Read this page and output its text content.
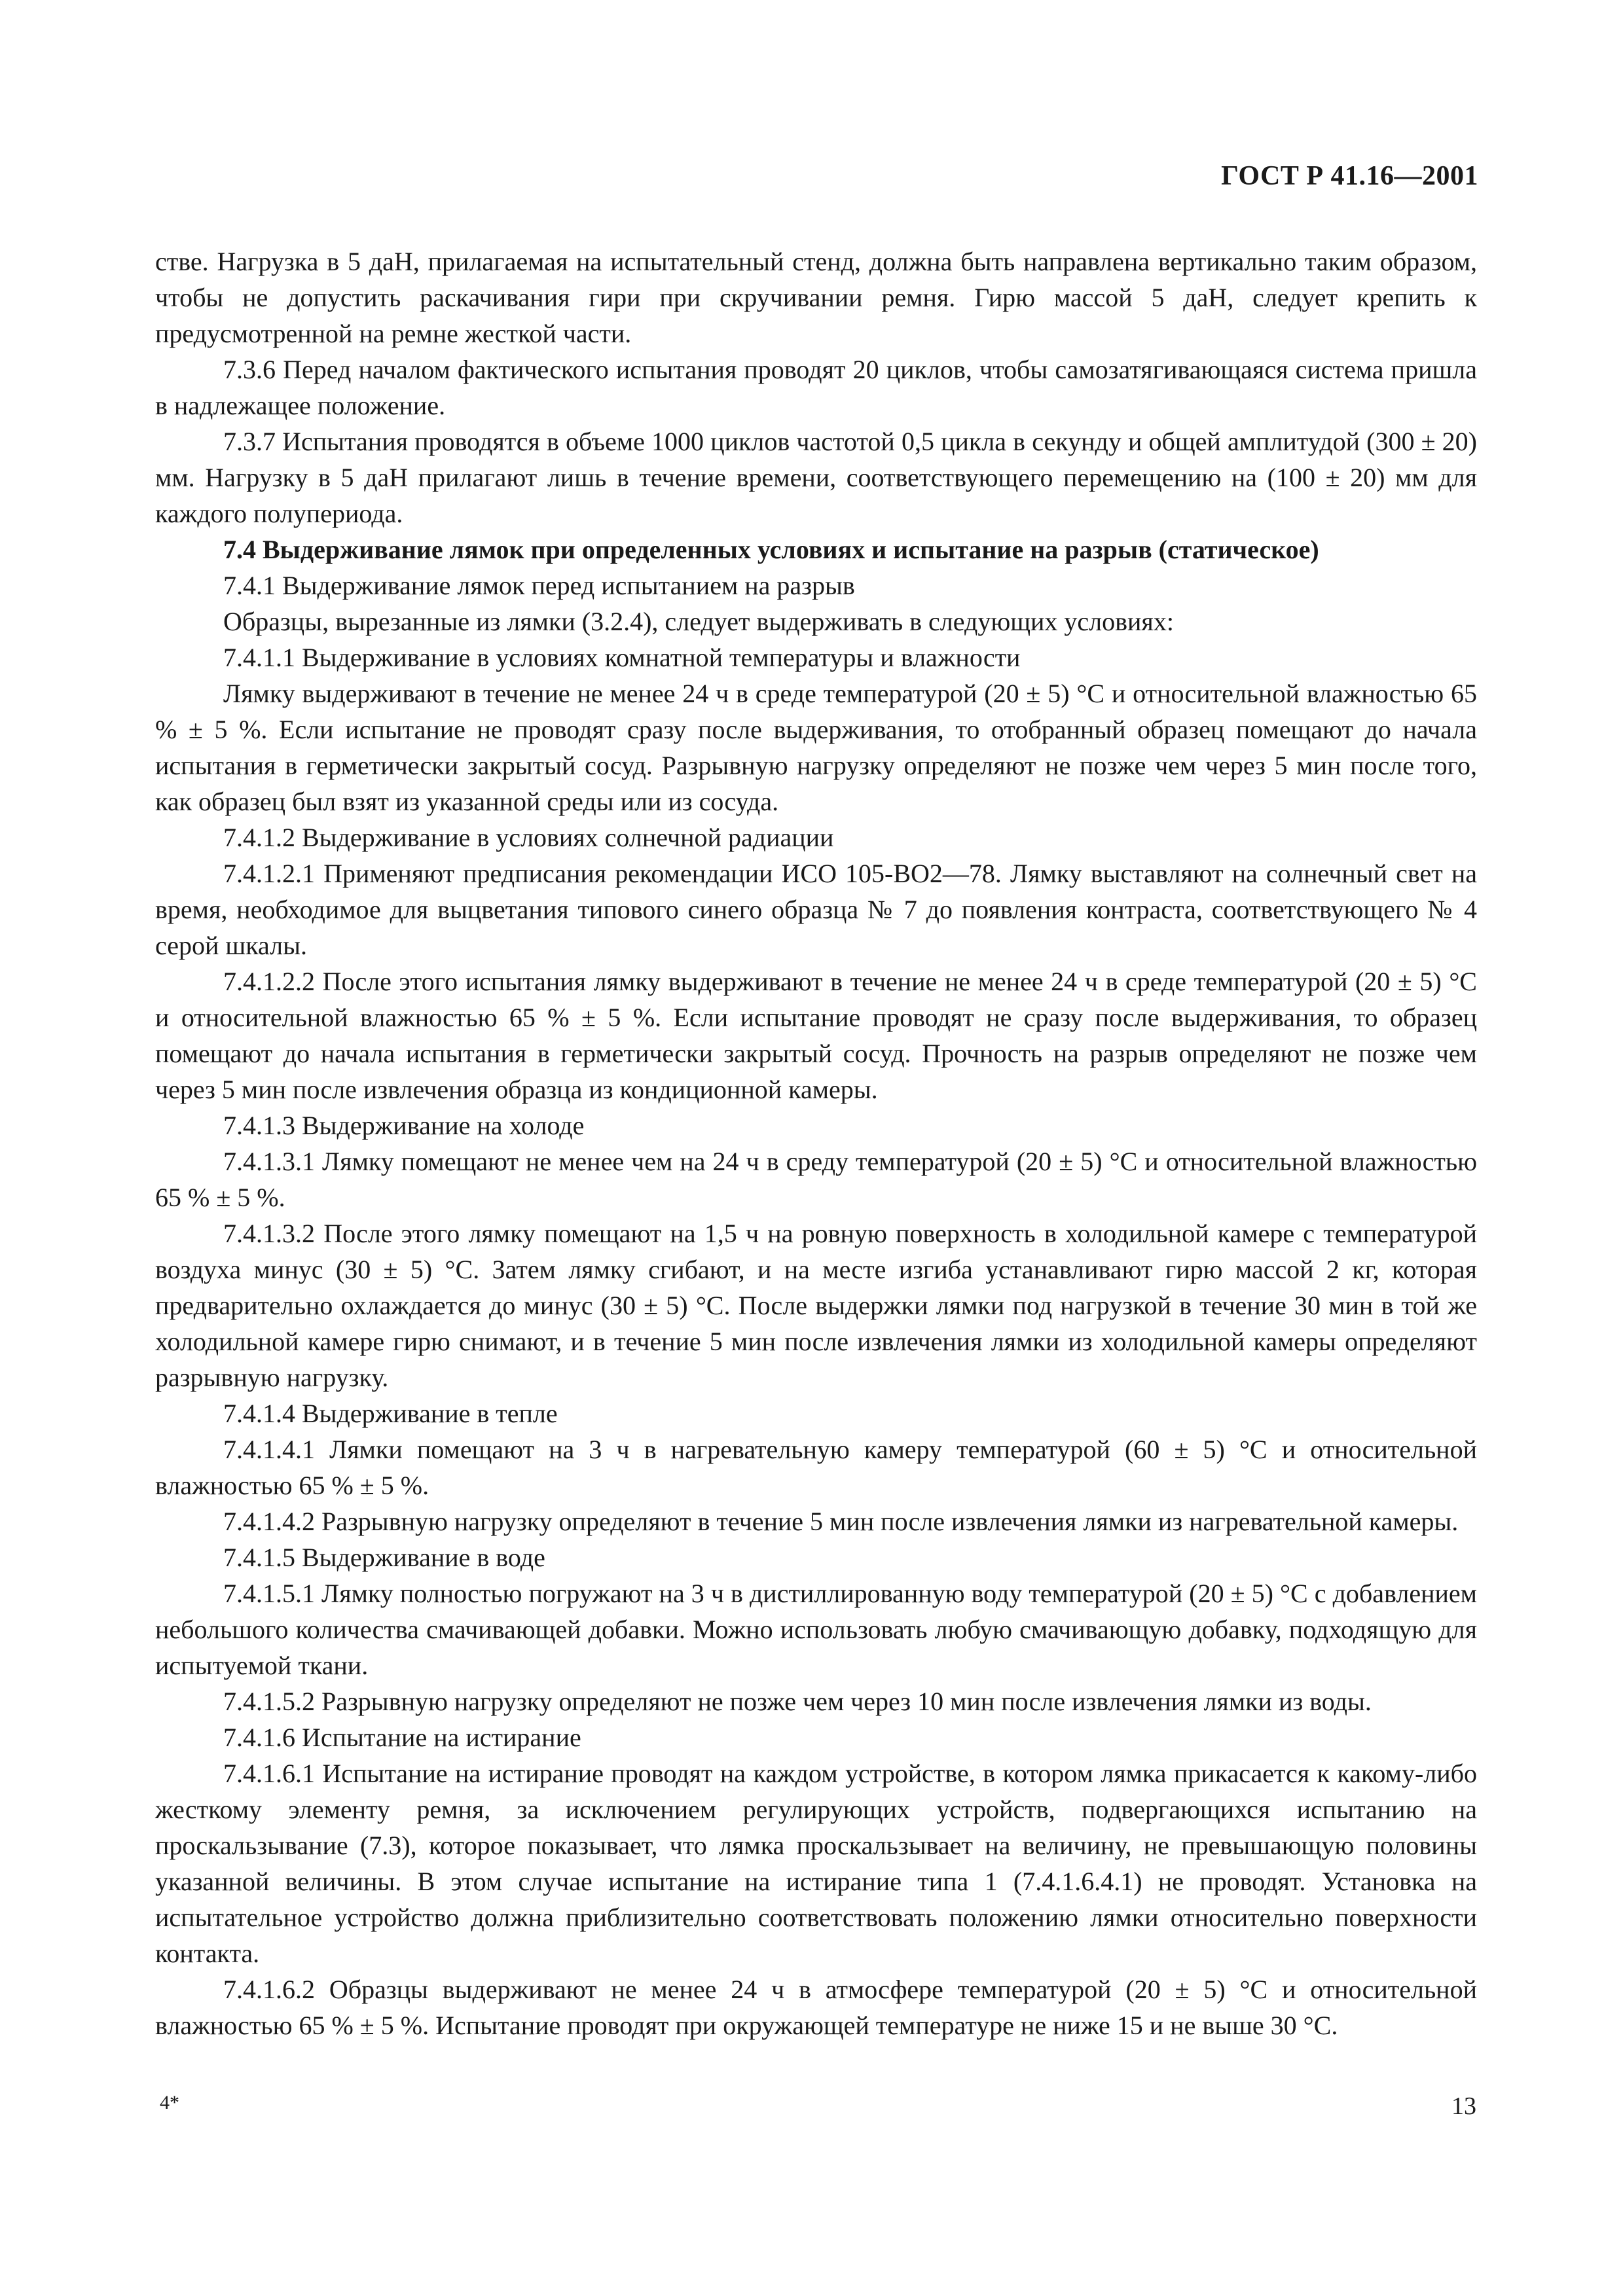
ГОСТ Р 41.16—2001

стве. Нагрузка в 5 даН, прилагаемая на испытательный стенд, должна быть направлена вертикально таким образом, чтобы не допустить раскачивания гири при скручивании ремня. Гирю массой 5 даН, следует крепить к предусмотренной на ремне жесткой части.

7.3.6 Перед началом фактического испытания проводят 20 циклов, чтобы самозатягивающаяся система пришла в надлежащее положение.

7.3.7 Испытания проводятся в объеме 1000 циклов частотой 0,5 цикла в секунду и общей амплитудой (300 ± 20) мм. Нагрузку в 5 даН прилагают лишь в течение времени, соответствующего перемещению на (100 ± 20) мм для каждого полупериода.

7.4 Выдерживание лямок при определенных условиях и испытание на разрыв (статическое)

7.4.1 Выдерживание лямок перед испытанием на разрыв

Образцы, вырезанные из лямки (3.2.4), следует выдерживать в следующих условиях:

7.4.1.1 Выдерживание в условиях комнатной температуры и влажности

Лямку выдерживают в течение не менее 24 ч в среде температурой (20 ± 5) °С и относительной влажностью 65 % ± 5 %. Если испытание не проводят сразу после выдерживания, то отобранный образец помещают до начала испытания в герметически закрытый сосуд. Разрывную нагрузку определяют не позже чем через 5 мин после того, как образец был взят из указанной среды или из сосуда.

7.4.1.2 Выдерживание в условиях солнечной радиации

7.4.1.2.1 Применяют предписания рекомендации ИСО 105-ВО2—78. Лямку выставляют на солнечный свет на время, необходимое для выцветания типового синего образца № 7 до появления контраста, соответствующего № 4 серой шкалы.

7.4.1.2.2 После этого испытания лямку выдерживают в течение не менее 24 ч в среде температурой (20 ± 5) °С и относительной влажностью 65 % ± 5 %. Если испытание проводят не сразу после выдерживания, то образец помещают до начала испытания в герметически закрытый сосуд. Прочность на разрыв определяют не позже чем через 5 мин после извлечения образца из кондиционной камеры.

7.4.1.3 Выдерживание на холоде

7.4.1.3.1 Лямку помещают не менее чем на 24 ч в среду температурой (20 ± 5) °С и относительной влажностью 65 % ± 5 %.

7.4.1.3.2 После этого лямку помещают на 1,5 ч на ровную поверхность в холодильной камере с температурой воздуха минус (30 ± 5) °С. Затем лямку сгибают, и на месте изгиба устанавливают гирю массой 2 кг, которая предварительно охлаждается до минус (30 ± 5) °С. После выдержки лямки под нагрузкой в течение 30 мин в той же холодильной камере гирю снимают, и в течение 5 мин после извлечения лямки из холодильной камеры определяют разрывную нагрузку.

7.4.1.4 Выдерживание в тепле

7.4.1.4.1 Лямки помещают на 3 ч в нагревательную камеру температурой (60 ± 5) °С и относительной влажностью 65 % ± 5 %.

7.4.1.4.2 Разрывную нагрузку определяют в течение 5 мин после извлечения лямки из нагревательной камеры.

7.4.1.5 Выдерживание в воде

7.4.1.5.1 Лямку полностью погружают на 3 ч в дистиллированную воду температурой (20 ± 5) °С с добавлением небольшого количества смачивающей добавки. Можно использовать любую смачивающую добавку, подходящую для испытуемой ткани.

7.4.1.5.2 Разрывную нагрузку определяют не позже чем через 10 мин после извлечения лямки из воды.

7.4.1.6 Испытание на истирание

7.4.1.6.1 Испытание на истирание проводят на каждом устройстве, в котором лямка прикасается к какому-либо жесткому элементу ремня, за исключением регулирующих устройств, подвергающихся испытанию на проскальзывание (7.3), которое показывает, что лямка проскальзывает на величину, не превышающую половины указанной величины. В этом случае испытание на истирание типа 1 (7.4.1.6.4.1) не проводят. Установка на испытательное устройство должна приблизительно соответствовать положению лямки относительно поверхности контакта.

7.4.1.6.2 Образцы выдерживают не менее 24 ч в атмосфере температурой (20 ± 5) °С и относительной влажностью 65 % ± 5 %. Испытание проводят при окружающей температуре не ниже 15 и не выше 30 °С.

4*	13
